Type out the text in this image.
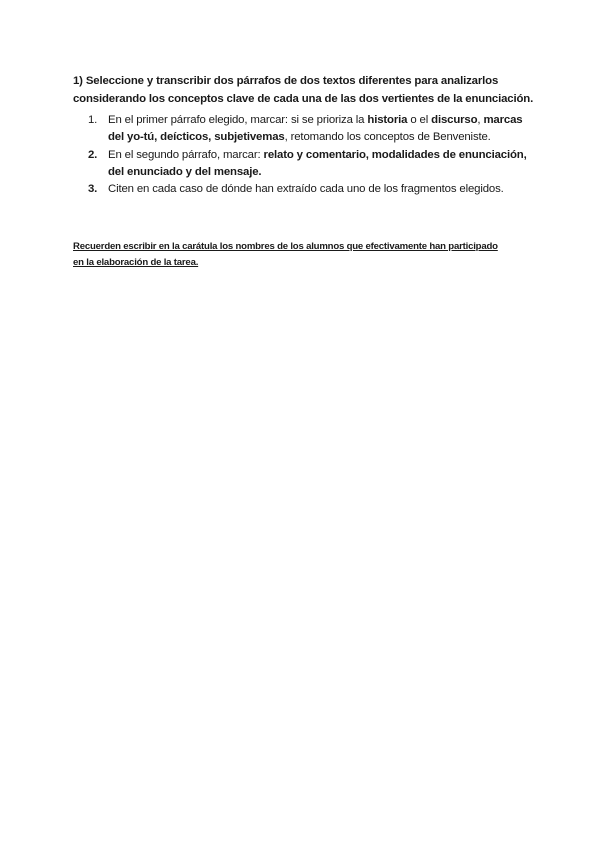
1) Seleccione y transcribir dos párrafos de dos textos diferentes para analizarlos
considerando los conceptos clave de cada una de las dos vertientes de la enunciación.
1. En el primer párrafo elegido, marcar: si se prioriza la historia o el discurso, marcas
del yo-tú, deícticos, subjetivemas, retomando los conceptos de Benveniste.
2. En el segundo párrafo, marcar: relato y comentario, modalidades de enunciación,
del enunciado y del mensaje.
3. Citen en cada caso de dónde han extraído cada uno de los fragmentos elegidos.
Recuerden escribir en la carátula los nombres de los alumnos que efectivamente han participado
en la elaboración de la tarea.
